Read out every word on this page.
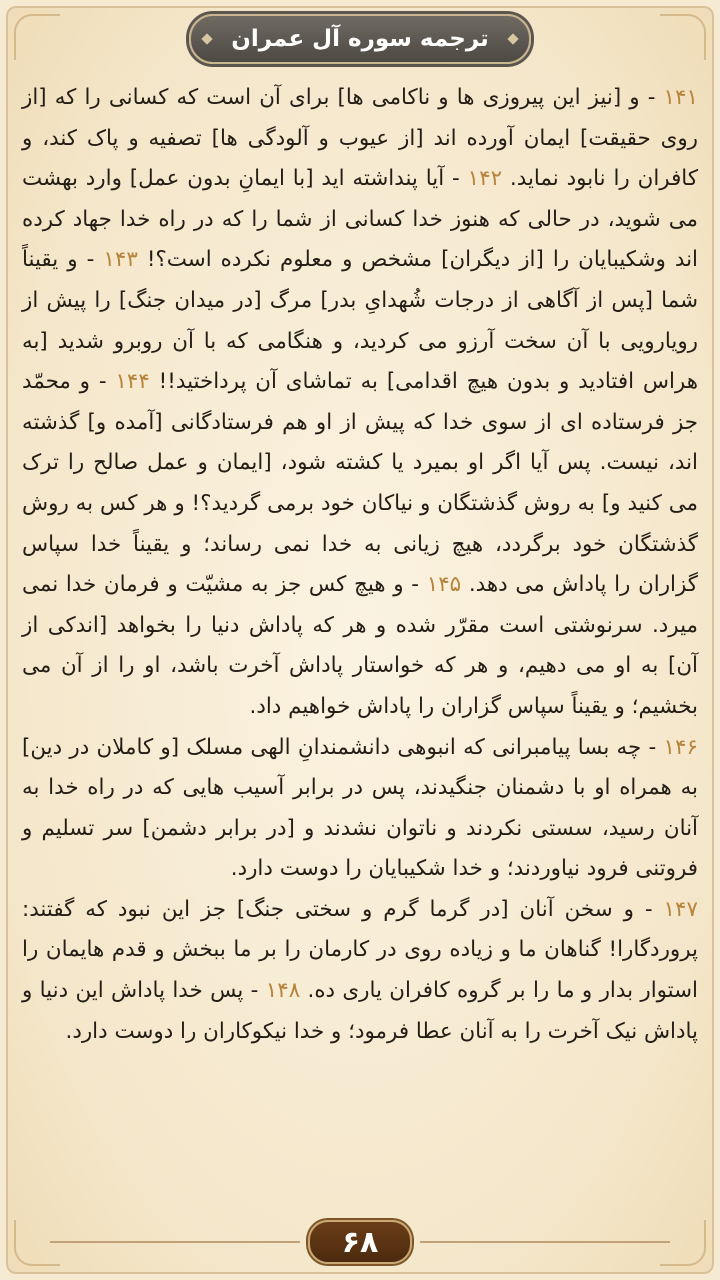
ترجمه سوره آل عمران

۱۴۱ - و [نیز این پیروزی ها و ناکامی ها] برای آن است که کسانی را که [از روی حقیقت] ایمان آورده اند [از عیوب و آلودگی ها] تصفیه و پاک کند، و کافران را نابود نماید. ۱۴۲ - آیا پنداشته اید [با ایمانِ بدون عمل] وارد بهشت می شوید، در حالی که هنوز خدا کسانی از شما را که در راه خدا جهاد کرده اند وشکیبایان را [از دیگران] مشخص و معلوم نکرده است؟! ۱۴۳ - و یقیناً شما [پس از آگاهی از درجات شُهدایِ بدر] مرگ [در میدان جنگ] را پیش از رویارویی با آن سخت آرزو می کردید، و هنگامی که با آن روبرو شدید [به هراس افتادید و بدون هیچ اقدامی] به تماشای آن پرداختید!! ۱۴۴ - و محمّد جز فرستاده ای از سوی خدا که پیش از او هم فرستادگانی [آمده و] گذشته اند، نیست. پس آیا اگر او بمیرد یا کشته شود، [ایمان و عمل صالح را ترک می کنید و] به روش گذشتگان و نیاکان خود برمی گردید؟! و هر کس به روش گذشتگان خود برگردد، هیچ زیانی به خدا نمی رساند؛ و یقیناً خدا سپاس گزاران را پاداش می دهد. ۱۴۵ - و هیچ کس جز به مشیّت و فرمان خدا نمی میرد. سرنوشتی است مقرّر شده و هر که پاداش دنیا را بخواهد [اندکی از آن] به او می دهیم، و هر که خواستار پاداش آخرت باشد، او را از آن می بخشیم؛ و یقیناً سپاس گزاران را پاداش خواهیم داد.

۱۴۶ - چه بسا پیامبرانی که انبوهی دانشمندانِ الهی مسلک [و کاملان در دین] به همراه او با دشمنان جنگیدند، پس در برابر آسیب هایی که در راه خدا به آنان رسید، سستی نکردند و ناتوان نشدند و [در برابر دشمن] سر تسلیم و فروتنی فرود نیاوردند؛ و خدا شکیبایان را دوست دارد.

۱۴۷ - و سخن آنان [در گرما گرم و سختی جنگ] جز این نبود که گفتند: پروردگارا! گناهان ما و زیاده روی در کارمان را بر ما ببخش و قدم هایمان را استوار بدار و ما را بر گروه کافران یاری ده. ۱۴۸ - پس خدا پاداش این دنیا و پاداش نیک آخرت را به آنان عطا فرمود؛ و خدا نیکوکاران را دوست دارد.

۶۸
